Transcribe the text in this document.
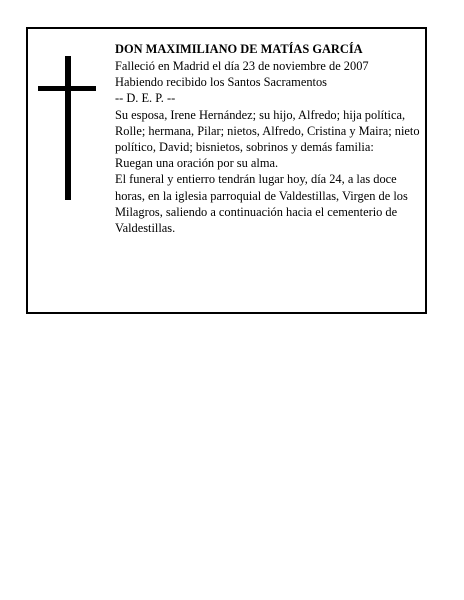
DON MAXIMILIANO DE MATÍAS GARCÍA

Falleció en Madrid el día 23 de noviembre de 2007

Habiendo recibido los Santos Sacramentos

-- D. E. P. --

Su esposa, Irene Hernández; su hijo, Alfredo; hija política, Rolle; hermana, Pilar; nietos, Alfredo, Cristina y Maira; nieto político, David; bisnietos, sobrinos y demás familia:

Ruegan una oración por su alma.

El funeral y entierro tendrán lugar hoy, día 24, a las doce horas, en la iglesia parroquial de Valdestillas, Virgen de los Milagros, saliendo a continuación hacia el cementerio de Valdestillas.
